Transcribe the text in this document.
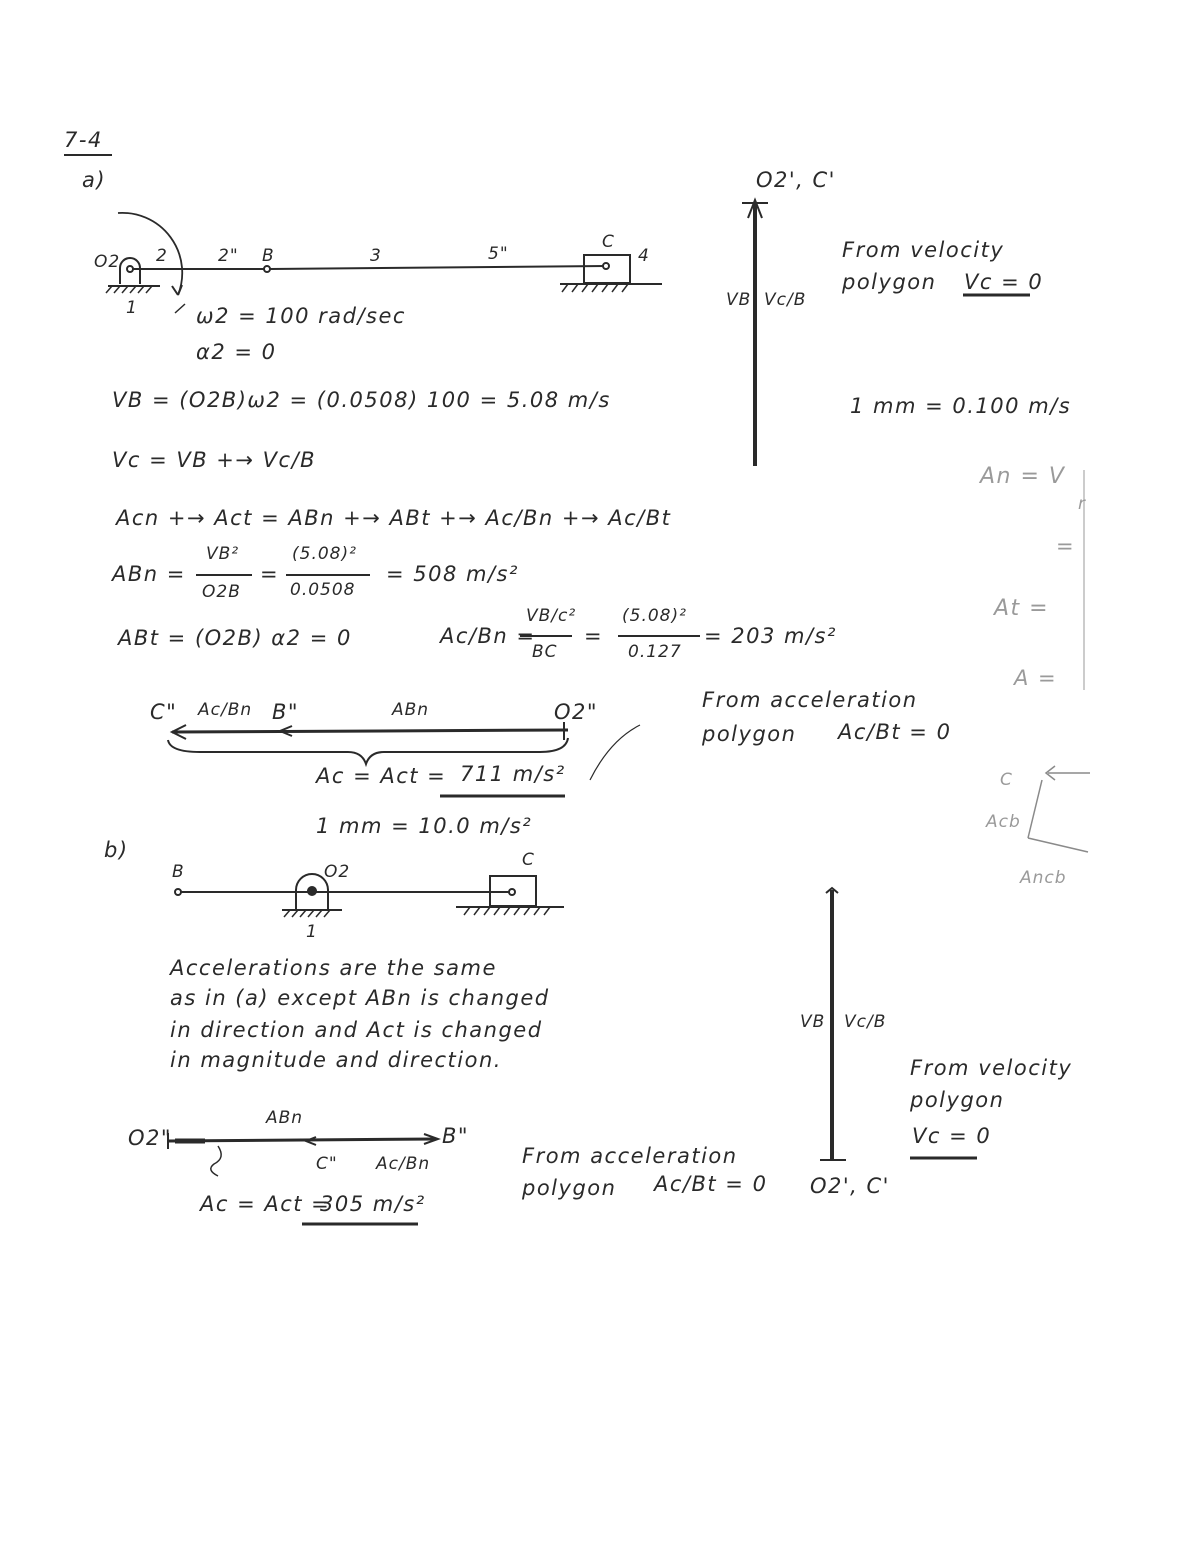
7-4
a)
O2 2	2" B	3	5"
C
4
1	ω2 = 100 rad/sec
α2 = 0
VB = (O2B)ω2 = (0.0508) 100 = 5.08 m/s
Vc = VB +→ Vc/B
Acn +→ Act = ABn +→ ABt +→ Ac/Bn +→ Ac/Bt
ABn =
VB²
O2B
=
(5.08)²
0.0508
= 508 m/s²
ABt = (O2B) α2 = 0	Ac/Bn =
VB/c²
BC
=
(5.08)²
0.127
= 203 m/s²
O2', C'
VB Vc/B
From velocity
polygon Vc = 0
1 mm = 0.100 m/s
C" Ac/Bn B"	ABn	O2"
Ac = Act = 711 m/s²
1 mm = 10.0 m/s²
From acceleration
polygon Ac/Bt = 0
b)
B	O2
C
1
Accelerations are the same
as in (a) except ABn is changed
in direction and Act is changed
in magnitude and direction.
O2"
ABn
B"
C" Ac/Bn
Ac = Act =
305 m/s²
From acceleration
polygon Ac/Bt = 0
VB Vc/B
O2', C'
From velocity
polygon
Vc = 0
An = V
r
=
At =
A =
C
Acb
Ancb
